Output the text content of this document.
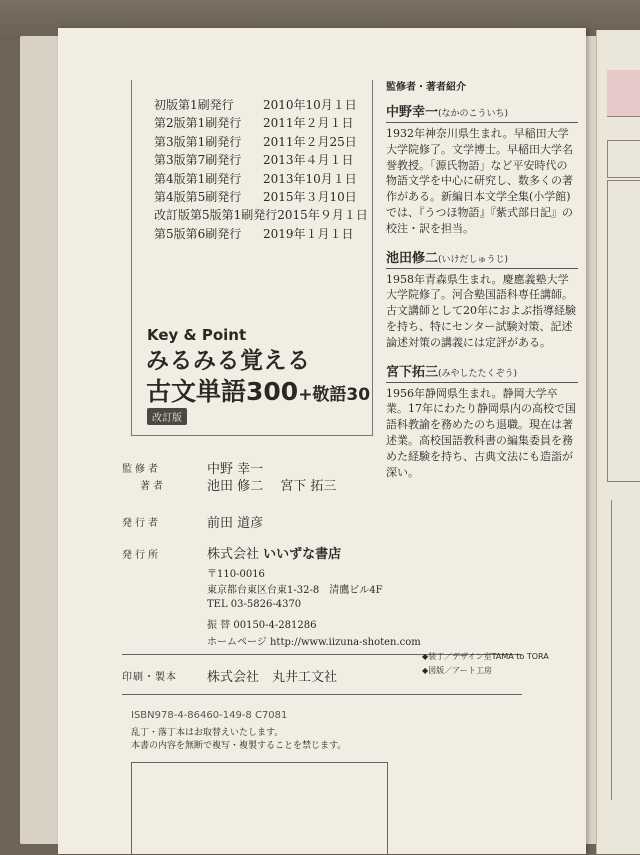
初版第1刷発行 2010年10月１日
第2版第1刷発行 2011年２月１日
第3版第1刷発行 2011年２月25日
第3版第7刷発行 2013年４月１日
第4版第1刷発行 2013年10月１日
第4版第5刷発行 2015年３月10日
改訂版第5版第1刷発行 2015年９月１日
第5版第6刷発行 2019年１月１日
Key & Point
みるみる覚える
古文単語300+敬語30
改訂版
監修者・著者紹介
中野幸一(なかのこういち)
1932年神奈川県生まれ。早稲田大学大学院修了。文学博士。早稲田大学名誉教授。「源氏物語」など平安時代の物語文学を中心に研究し、数多くの著作がある。新編日本文学全集(小学館)では、『うつほ物語』『紫式部日記』の校注・訳を担当。
池田修二(いけだしゅうじ)
1958年青森県生まれ。慶應義塾大学大学院修了。河合塾国語科専任講師。古文講師として20年におよぶ指導経験を持ち、特にセンター試験対策、記述論述対策の講義には定評がある。
宮下拓三(みやしたたくぞう)
1956年静岡県生まれ。静岡大学卒業。17年にわたり静岡県内の高校で国語科教諭を務めたのち退職。現在は著述業。高校国語教科書の編集委員を務めた経験を持ち、古典文法にも造詣が深い。
監修者	中野 幸一
著者	池田 修二　 宮下 拓三
発行者	前田 道彦
発行所	株式会社 いいずな書店
〒110-0016
東京都台東区台東1-32-8　清鷹ビル4F
TEL 03-5826-4370
振 替 00150-4-281286
ホームページ http://www.iizuna-shoten.com
印刷・製本 株式会社　丸井工文社
◆装丁／デザイン室TAMA to TORA
◆図版／アート工房
ISBN978-4-86460-149-8 C7081
乱丁・落丁本はお取替えいたします。
本書の内容を無断で複写・複製することを禁じます。
